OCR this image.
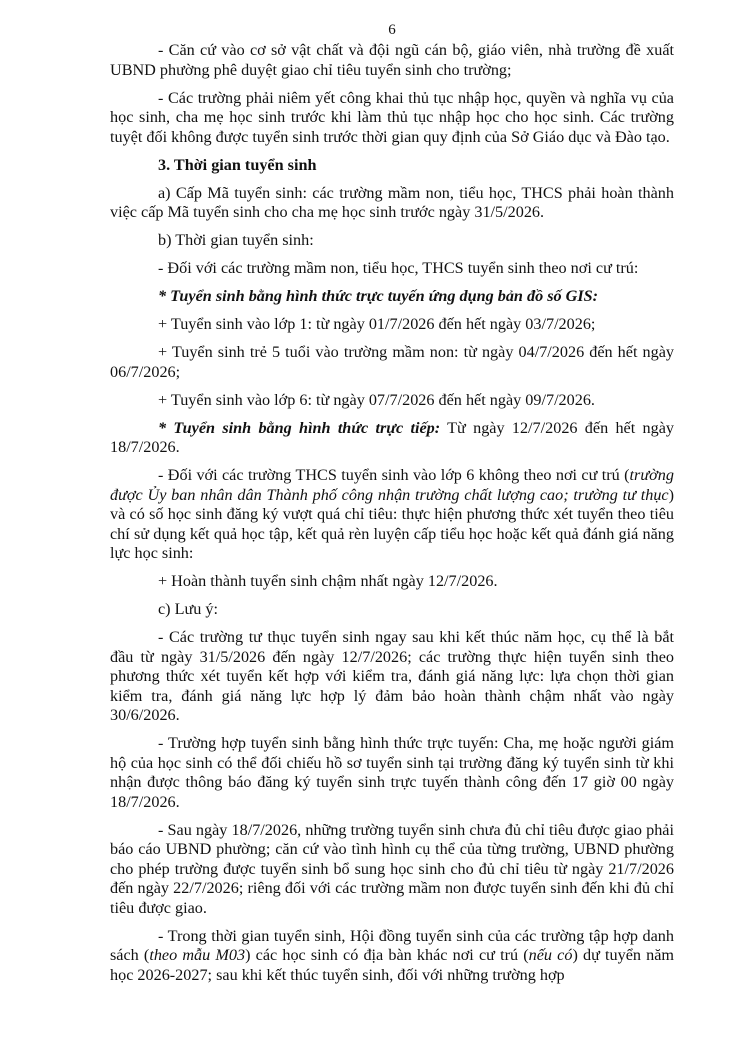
6

- Căn cứ vào cơ sở vật chất và đội ngũ cán bộ, giáo viên, nhà trường đề xuất UBND phường phê duyệt giao chỉ tiêu tuyển sinh cho trường;

- Các trường phải niêm yết công khai thủ tục nhập học, quyền và nghĩa vụ của học sinh, cha mẹ học sinh trước khi làm thủ tục nhập học cho học sinh. Các trường tuyệt đối không được tuyển sinh trước thời gian quy định của Sở Giáo dục và Đào tạo.

3. Thời gian tuyển sinh

a) Cấp Mã tuyển sinh: các trường mầm non, tiểu học, THCS phải hoàn thành việc cấp Mã tuyển sinh cho cha mẹ học sinh trước ngày 31/5/2026.

b) Thời gian tuyển sinh:

- Đối với các trường mầm non, tiểu học, THCS tuyển sinh theo nơi cư trú:

* Tuyển sinh bằng hình thức trực tuyến ứng dụng bản đồ số GIS:

+ Tuyển sinh vào lớp 1: từ ngày 01/7/2026 đến hết ngày 03/7/2026;

+ Tuyển sinh trẻ 5 tuổi vào trường mầm non: từ ngày 04/7/2026 đến hết ngày 06/7/2026;

+ Tuyển sinh vào lớp 6: từ ngày 07/7/2026 đến hết ngày 09/7/2026.

* Tuyển sinh bằng hình thức trực tiếp: Từ ngày 12/7/2026 đến hết ngày 18/7/2026.

- Đối với các trường THCS tuyển sinh vào lớp 6 không theo nơi cư trú (trường được Ủy ban nhân dân Thành phố công nhận trường chất lượng cao; trường tư thục) và có số học sinh đăng ký vượt quá chỉ tiêu: thực hiện phương thức xét tuyển theo tiêu chí sử dụng kết quả học tập, kết quả rèn luyện cấp tiểu học hoặc kết quả đánh giá năng lực học sinh:

+ Hoàn thành tuyển sinh chậm nhất ngày 12/7/2026.

c) Lưu ý:

- Các trường tư thục tuyển sinh ngay sau khi kết thúc năm học, cụ thể là bắt đầu từ ngày 31/5/2026 đến ngày 12/7/2026; các trường thực hiện tuyển sinh theo phương thức xét tuyển kết hợp với kiểm tra, đánh giá năng lực: lựa chọn thời gian kiểm tra, đánh giá năng lực hợp lý đảm bảo hoàn thành chậm nhất vào ngày 30/6/2026.

- Trường hợp tuyển sinh bằng hình thức trực tuyến: Cha, mẹ hoặc người giám hộ của học sinh có thể đối chiếu hồ sơ tuyển sinh tại trường đăng ký tuyển sinh từ khi nhận được thông báo đăng ký tuyển sinh trực tuyến thành công đến 17 giờ 00 ngày 18/7/2026.

- Sau ngày 18/7/2026, những trường tuyển sinh chưa đủ chỉ tiêu được giao phải báo cáo UBND phường; căn cứ vào tình hình cụ thể của từng trường, UBND phường cho phép trường được tuyển sinh bổ sung học sinh cho đủ chỉ tiêu từ ngày 21/7/2026 đến ngày 22/7/2026; riêng đối với các trường mầm non được tuyển sinh đến khi đủ chỉ tiêu được giao.

- Trong thời gian tuyển sinh, Hội đồng tuyển sinh của các trường tập hợp danh sách (theo mẫu M03) các học sinh có địa bàn khác nơi cư trú (nếu có) dự tuyển năm học 2026-2027; sau khi kết thúc tuyển sinh, đối với những trường hợp
